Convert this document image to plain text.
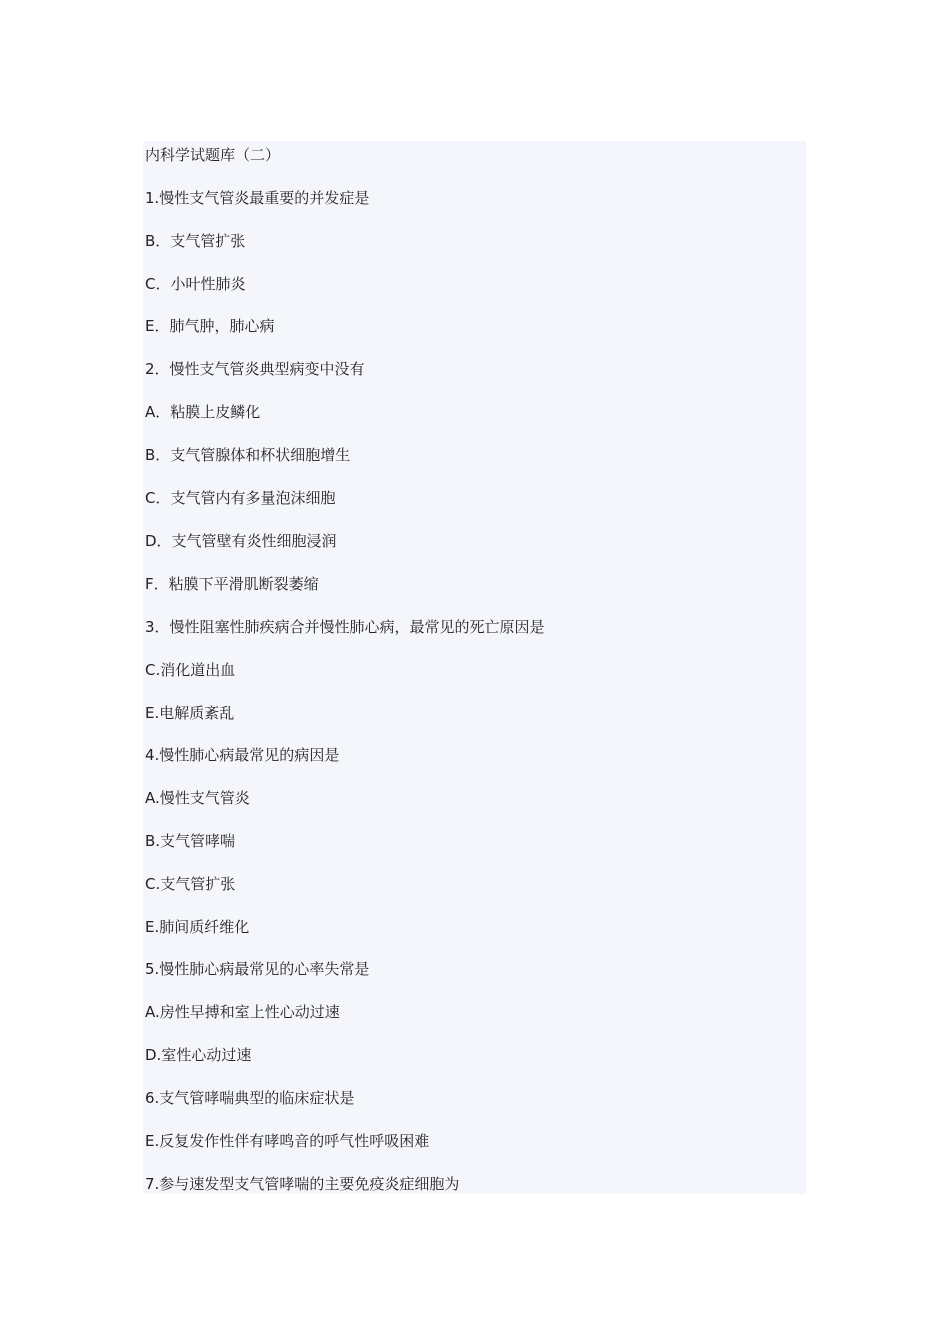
内科学试题库（二）
1.慢性支气管炎最重要的并发症是
B．支气管扩张
C．小叶性肺炎
E．肺气肿，肺心病
2．慢性支气管炎典型病变中没有
A．粘膜上皮鳞化
B．支气管腺体和杯状细胞增生
C．支气管内有多量泡沫细胞
D．支气管壁有炎性细胞浸润
F．粘膜下平滑肌断裂萎缩
3．慢性阻塞性肺疾病合并慢性肺心病，最常见的死亡原因是
C.消化道出血
E.电解质紊乱
4.慢性肺心病最常见的病因是
A.慢性支气管炎
B.支气管哮喘
C.支气管扩张
E.肺间质纤维化
5.慢性肺心病最常见的心率失常是
A.房性早搏和室上性心动过速
D.室性心动过速
6.支气管哮喘典型的临床症状是
E.反复发作性伴有哮鸣音的呼气性呼吸困难
7.参与速发型支气管哮喘的主要免疫炎症细胞为
